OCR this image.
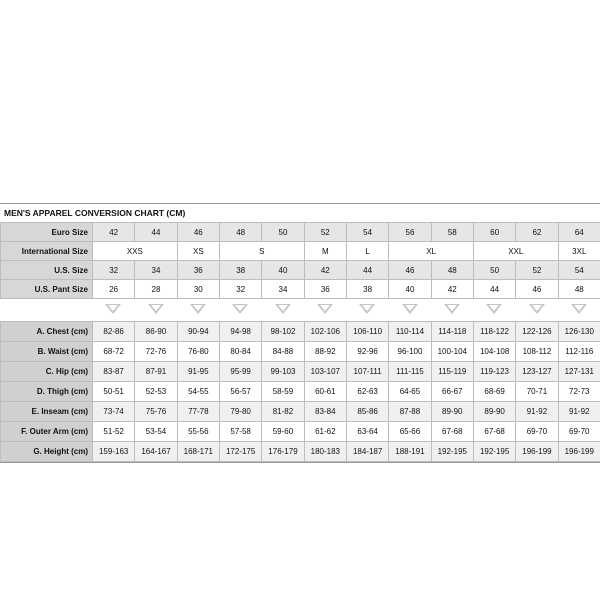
MEN'S APPAREL CONVERSION CHART (CM)
Euro Size	42	44	46	48	50	52	54	56	58	60	62	64	
International Size	XXS		XS	S		M	L	XL		XXL		3XL	
U.S. Size	32	34	36	38	40	42	44	46	48	50	52	54	
U.S. Pant Size	26	28	30	32	34	36	38	40	42	44	46	48	
A. Chest (cm)	82-86	86-90	90-94	94-98	98-102	102-106	106-110	110-114	114-118	118-122	122-126	126-130
B. Waist (cm)	68-72	72-76	76-80	80-84	84-88	88-92	92-96	96-100	100-104	104-108	108-112	112-116
C. Hip (cm)	83-87	87-91	91-95	95-99	99-103	103-107	107-111	111-115	115-119	119-123	123-127	127-131
D. Thigh (cm)	50-51	52-53	54-55	56-57	58-59	60-61	62-63	64-65	66-67	68-69	70-71	72-73
E. Inseam (cm)	73-74	75-76	77-78	79-80	81-82	83-84	85-86	87-88	89-90	89-90	91-92	91-92
F. Outer Arm (cm)	51-52	53-54	55-56	57-58	59-60	61-62	63-64	65-66	67-68	67-68	69-70	69-70
G. Height (cm)	159-163	164-167	168-171	172-175	176-179	180-183	184-187	188-191	192-195	192-195	196-199	196-199
